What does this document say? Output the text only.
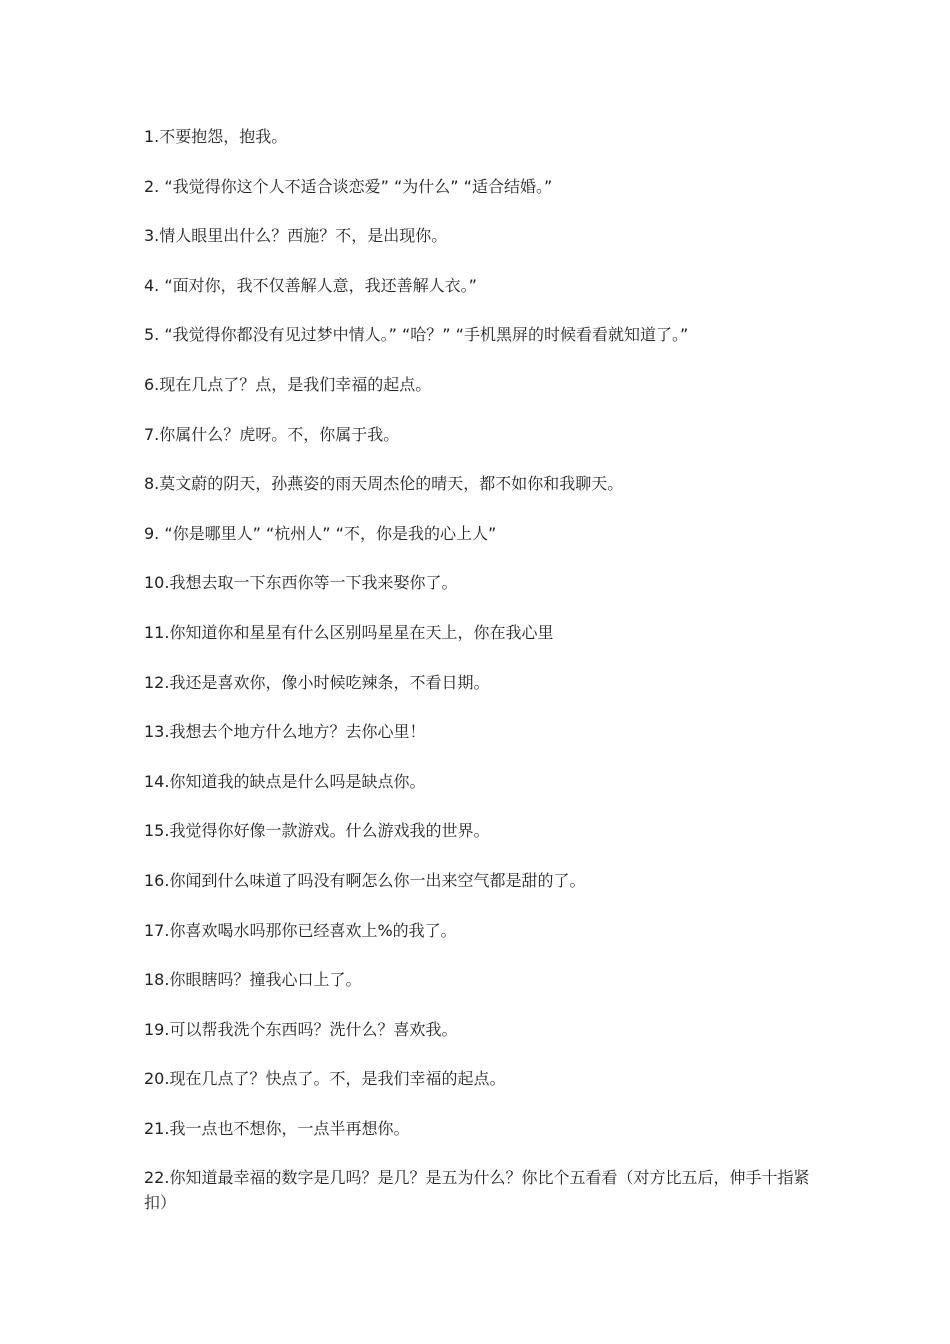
1.不要抱怨，抱我。
2. “我觉得你这个人不适合谈恋爱” “为什么” “适合结婚。”
3.情人眼里出什么？西施？不，是出现你。
4. “面对你，我不仅善解人意，我还善解人衣。”
5. “我觉得你都没有见过梦中情人。” “哈？” “手机黑屏的时候看看就知道了。”
6.现在几点了？点，是我们幸福的起点。
7.你属什么？虎呀。不，你属于我。
8.莫文蔚的阴天，孙燕姿的雨天周杰伦的晴天，都不如你和我聊天。
9. “你是哪里人” “杭州人” “不，你是我的心上人”
10.我想去取一下东西你等一下我来娶你了。
11.你知道你和星星有什么区别吗星星在天上，你在我心里
12.我还是喜欢你，像小时候吃辣条，不看日期。
13.我想去个地方什么地方？去你心里！
14.你知道我的缺点是什么吗是缺点你。
15.我觉得你好像一款游戏。什么游戏我的世界。
16.你闻到什么味道了吗没有啊怎么你一出来空气都是甜的了。
17.你喜欢喝水吗那你已经喜欢上%的我了。
18.你眼瞎吗？撞我心口上了。
19.可以帮我洗个东西吗？洗什么？喜欢我。
20.现在几点了？快点了。不，是我们幸福的起点。
21.我一点也不想你，一点半再想你。
22.你知道最幸福的数字是几吗？是几？是五为什么？你比个五看看（对方比五后，伸手十指紧扣）
